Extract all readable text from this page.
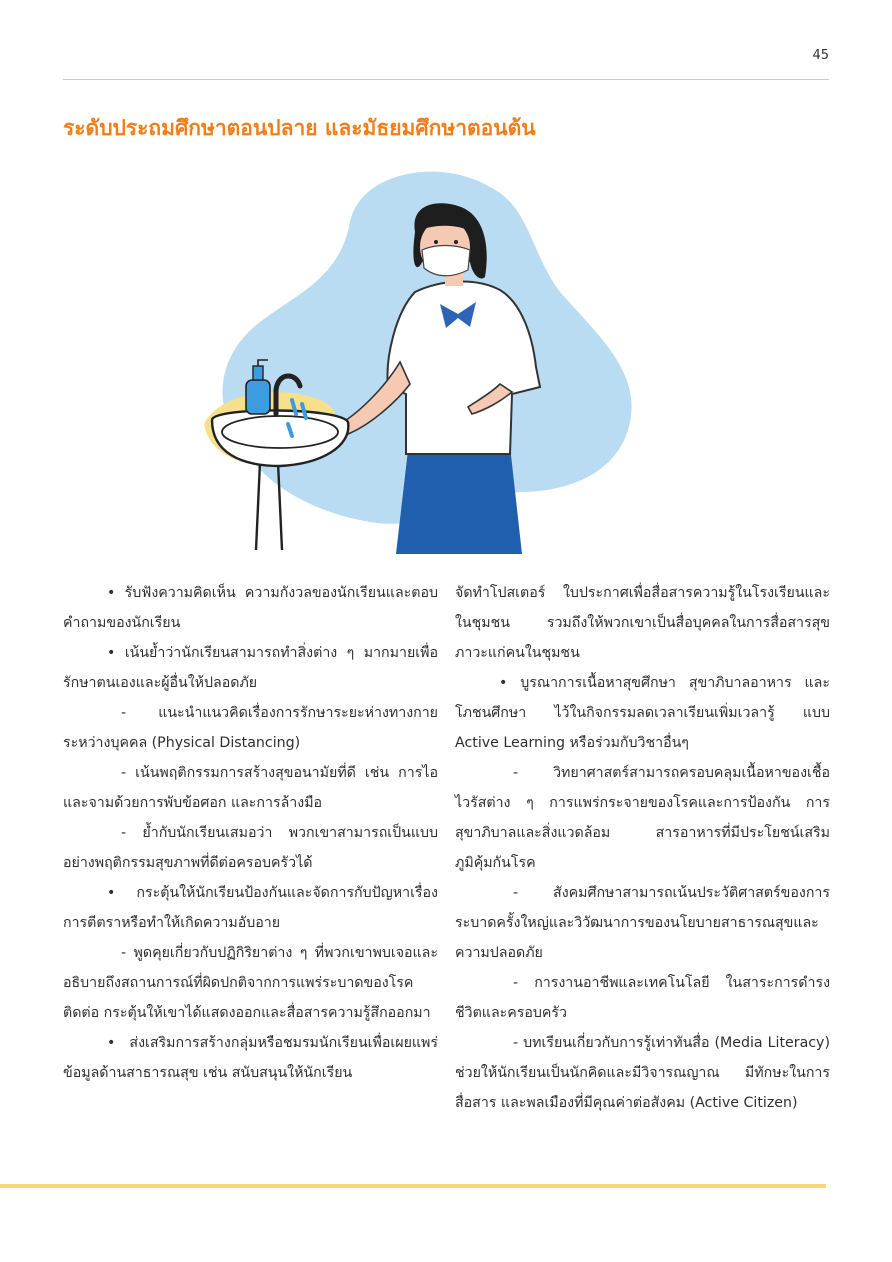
45
ระดับประถมศึกษาตอนปลาย และมัธยมศึกษาตอนต้น

• รับฟังความคิดเห็น ความกังวลของนักเรียนและตอบคำถามของนักเรียน

• เน้นย้ำว่านักเรียนสามารถทำสิ่งต่าง ๆ มากมายเพื่อรักษาตนเองและผู้อื่นให้ปลอดภัย

- แนะนำแนวคิดเรื่องการรักษาระยะห่างทางกายระหว่างบุคคล (Physical Distancing)

- เน้นพฤติกรรมการสร้างสุขอนามัยที่ดี เช่น การไอและจามด้วยการพับข้อศอก และการล้างมือ

- ย้ำกับนักเรียนเสมอว่า พวกเขาสามารถเป็นแบบอย่างพฤติกรรมสุขภาพที่ดีต่อครอบครัวได้

• กระตุ้นให้นักเรียนป้องกันและจัดการกับปัญหาเรื่องการตีตราหรือทำให้เกิดความอับอาย

- พูดคุยเกี่ยวกับปฏิกิริยาต่าง ๆ ที่พวกเขาพบเจอและอธิบายถึงสถานการณ์ที่ผิดปกติจากการแพร่ระบาดของโรคติดต่อ กระตุ้นให้เขาได้แสดงออกและสื่อสารความรู้สึกออกมา

• ส่งเสริมการสร้างกลุ่มหรือชมรมนักเรียนเพื่อเผยแพร่ข้อมูลด้านสาธารณสุข เช่น สนับสนุนให้นักเรียน

จัดทำโปสเตอร์ ใบประกาศเพื่อสื่อสารความรู้ในโรงเรียนและในชุมชน รวมถึงให้พวกเขาเป็นสื่อบุคคลในการสื่อสารสุขภาวะแก่คนในชุมชน

• บูรณาการเนื้อหาสุขศึกษา สุขาภิบาลอาหาร และโภชนศึกษา ไว้ในกิจกรรมลดเวลาเรียนเพิ่มเวลารู้ แบบ Active Learning หรือร่วมกับวิชาอื่นๆ

- วิทยาศาสตร์สามารถครอบคลุมเนื้อหาของเชื้อไวรัสต่าง ๆ การแพร่กระจายของโรคและการป้องกัน การสุขาภิบาลและสิ่งแวดล้อม สารอาหารที่มีประโยชน์เสริมภูมิคุ้มกันโรค

- สังคมศึกษาสามารถเน้นประวัติศาสตร์ของการระบาดครั้งใหญ่และวิวัฒนาการของนโยบายสาธารณสุขและความปลอดภัย

- การงานอาชีพและเทคโนโลยี ในสาระการดำรงชีวิตและครอบครัว

- บทเรียนเกี่ยวกับการรู้เท่าทันสื่อ (Media Literacy) ช่วยให้นักเรียนเป็นนักคิดและมีวิจารณญาณ มีทักษะในการสื่อสาร และพลเมืองที่มีคุณค่าต่อสังคม (Active Citizen)
